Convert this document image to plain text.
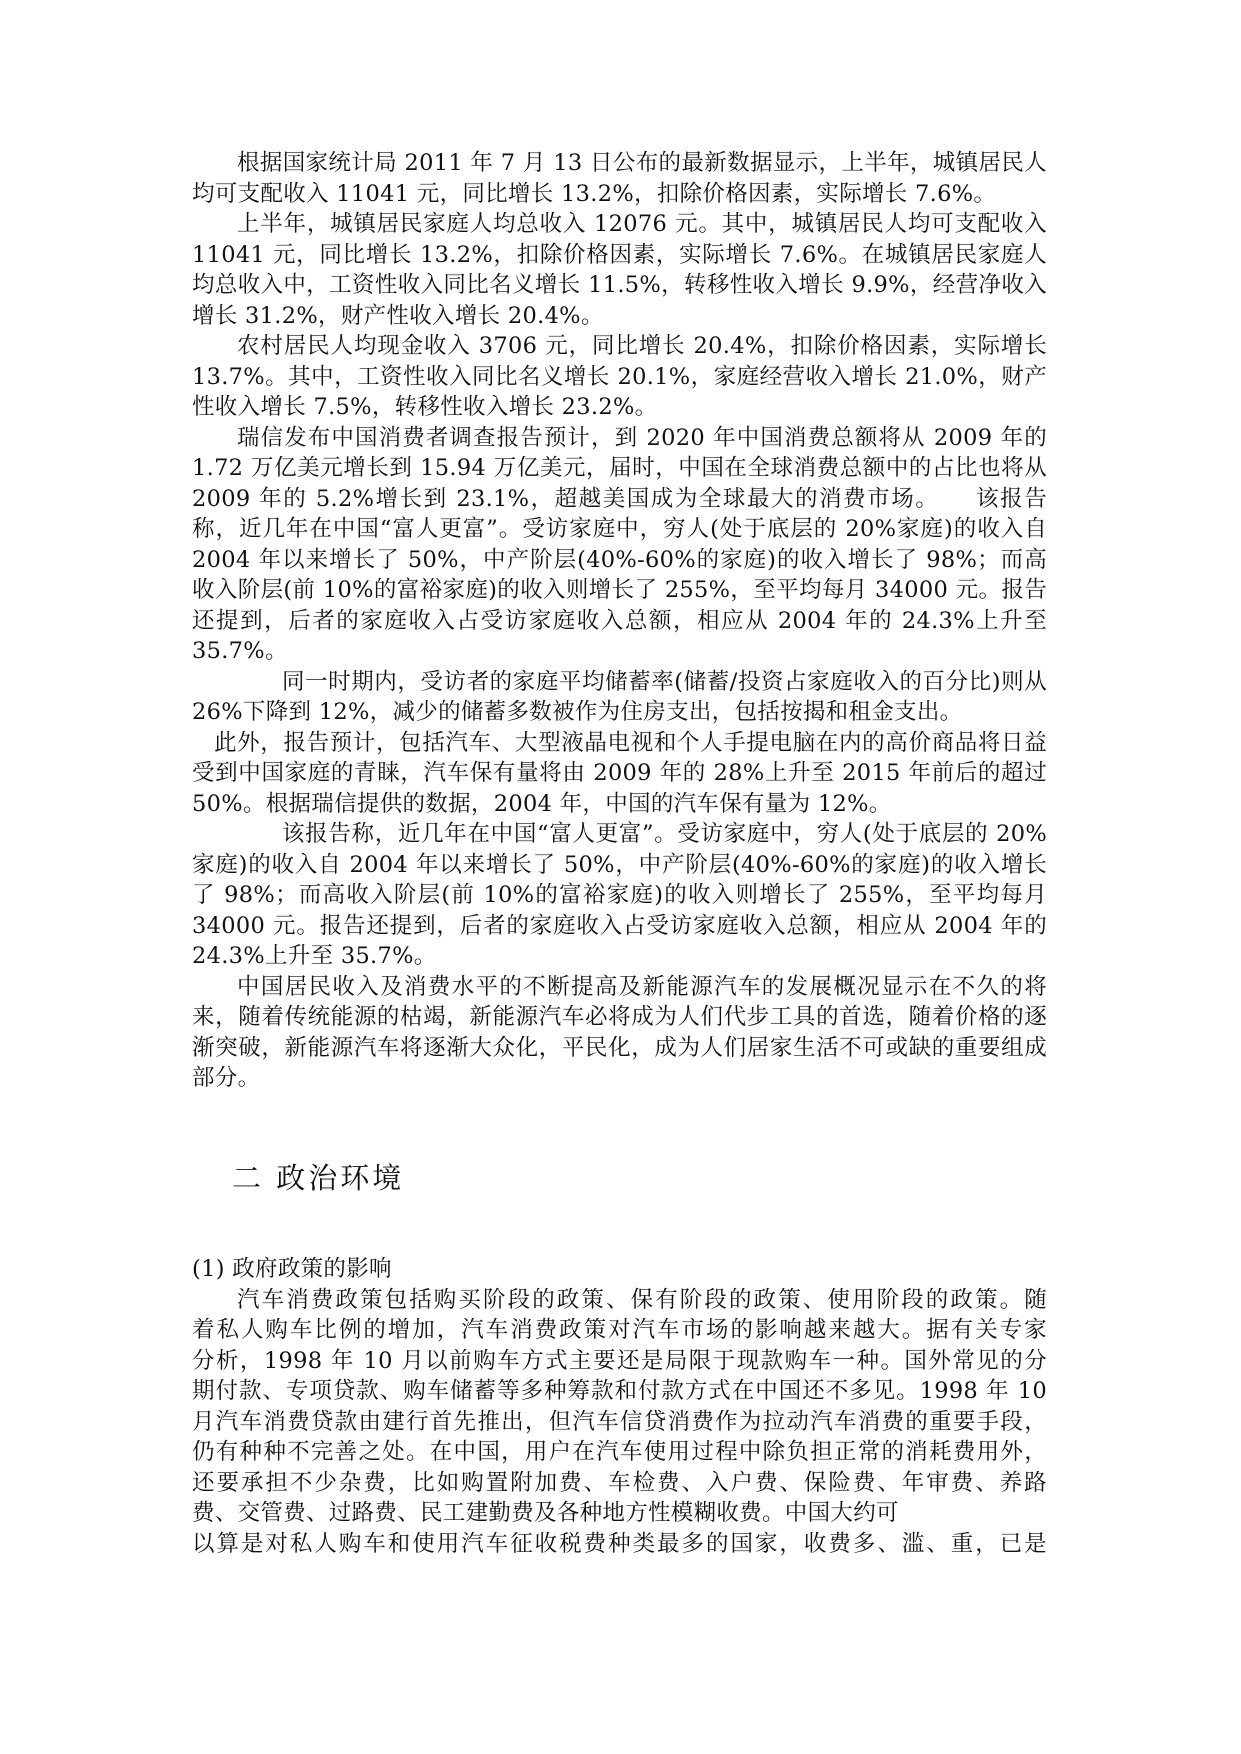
根据国家统计局 2011 年 7 月 13 日公布的最新数据显示，上半年，城镇居民人均可支配收入 11041 元，同比增长 13.2%，扣除价格因素，实际增长 7.6%。

上半年，城镇居民家庭人均总收入 12076 元。其中，城镇居民人均可支配收入 11041 元，同比增长 13.2%，扣除价格因素，实际增长 7.6%。在城镇居民家庭人均总收入中，工资性收入同比名义增长 11.5%，转移性收入增长 9.9%，经营净收入增长 31.2%，财产性收入增长 20.4%。

农村居民人均现金收入 3706 元，同比增长 20.4%，扣除价格因素，实际增长 13.7%。其中，工资性收入同比名义增长 20.1%，家庭经营收入增长 21.0%，财产性收入增长 7.5%，转移性收入增长 23.2%。

瑞信发布中国消费者调查报告预计，到 2020 年中国消费总额将从 2009 年的 1.72 万亿美元增长到 15.94 万亿美元，届时，中国在全球消费总额中的占比也将从 2009 年的 5.2%增长到 23.1%，超越美国成为全球最大的消费市场。　　该报告称，近几年在中国“富人更富”。受访家庭中，穷人(处于底层的 20%家庭)的收入自 2004 年以来增长了 50%，中产阶层(40%-60%的家庭)的收入增长了 98%；而高收入阶层(前 10%的富裕家庭)的收入则增长了 255%，至平均每月 34000 元。报告还提到，后者的家庭收入占受访家庭收入总额，相应从 2004 年的 24.3%上升至 35.7%。

同一时期内，受访者的家庭平均储蓄率(储蓄/投资占家庭收入的百分比)则从 26%下降到 12%，减少的储蓄多数被作为住房支出，包括按揭和租金支出。

此外，报告预计，包括汽车、大型液晶电视和个人手提电脑在内的高价商品将日益受到中国家庭的青睐，汽车保有量将由 2009 年的 28%上升至 2015 年前后的超过 50%。根据瑞信提供的数据，2004 年，中国的汽车保有量为 12%。

该报告称，近几年在中国“富人更富”。受访家庭中，穷人(处于底层的 20%家庭)的收入自 2004 年以来增长了 50%，中产阶层(40%-60%的家庭)的收入增长了 98%；而高收入阶层(前 10%的富裕家庭)的收入则增长了 255%，至平均每月 34000 元。报告还提到，后者的家庭收入占受访家庭收入总额，相应从 2004 年的 24.3%上升至 35.7%。

中国居民收入及消费水平的不断提高及新能源汽车的发展概况显示在不久的将来，随着传统能源的枯竭，新能源汽车必将成为人们代步工具的首选，随着价格的逐渐突破，新能源汽车将逐渐大众化，平民化，成为人们居家生活不可或缺的重要组成部分。

二 政治环境

(1) 政府政策的影响

汽车消费政策包括购买阶段的政策、保有阶段的政策、使用阶段的政策。随
着私人购车比例的增加，汽车消费政策对汽车市场的影响越来越大。据有关专家
分析，1998 年 10 月以前购车方式主要还是局限于现款购车一种。国外常见的分
期付款、专项贷款、购车储蓄等多种筹款和付款方式在中国还不多见。1998 年 10
月汽车消费贷款由建行首先推出，但汽车信贷消费作为拉动汽车消费的重要手段，
仍有种种不完善之处。在中国，用户在汽车使用过程中除负担正常的消耗费用外，
还要承担不少杂费，比如购置附加费、车检费、入户费、保险费、年审费、养路
费、交管费、过路费、民工建勤费及各种地方性模糊收费。中国大约可
以算是对私人购车和使用汽车征收税费种类最多的国家，收费多、滥、重，已是
